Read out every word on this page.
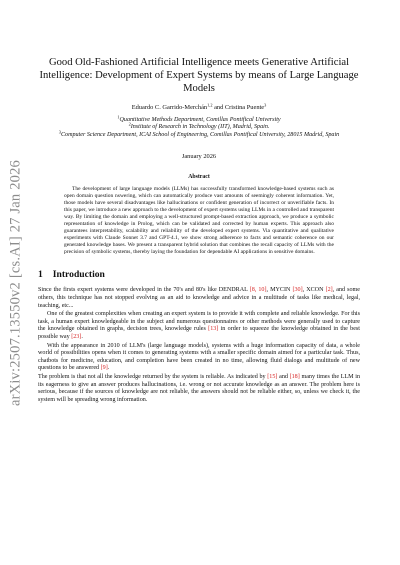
arXiv:2507.13550v2 [cs.AI] 27 Jan 2026
Good Old-Fashioned Artificial Intelligence meets Generative Artificial Intelligence: Development of Expert Systems by means of Large Language Models
Eduardo C. Garrido-Merchán$^{1,2}$ and Cristina Puente$^3$
$^1$Quantitative Methods Department, Comillas Pontifical University
$^2$Institute of Research in Technology (IIT), Madrid, Spain.
$^3$Computer Science Department, ICAI School of Engineering, Comillas Pontifical University, 28015 Madrid, Spain
January 2026
Abstract

The development of large language models (LLMs) has successfully transformed knowledge-based systems such as open domain question nswering, which can automatically produce vast amounts of seemingly coherent information. Yet, those models have several disadvantages like hallucinations or confident generation of incorrect or unverifiable facts. In this paper, we introduce a new approach to the development of expert systems using LLMs in a controlled and transparent way. By limiting the domain and employing a well-structured prompt-based extraction approach, we produce a symbolic representation of knowledge in Prolog, which can be validated and corrected by human experts. This approach also guarantees interpretability, scalability and reliability of the developed expert systems. Via quantitative and qualitative experiments with Claude Sonnet 3.7 and GPT-4.1, we show strong adherence to facts and semantic coherence on our generated knowledge bases. We present a transparent hybrid solution that combines the recall capacity of LLMs with the precision of symbolic systems, thereby laying the foundation for dependable AI applications in sensitive domains.

1 Introduction

Since the firsts expert systems were developed in the 70's and 80's like DENDRAL [8, 10], MYCIN [30], XCON [2], and some others, this technique has not stopped evolving as an aid to knowledge and advice in a multitude of tasks like medical, legal, teaching, etc...

One of the greatest complexities when creating an expert system is to provide it with complete and reliable knowledge. For this task, a human expert knowledgeable in the subject and numerous questionnaires or other methods were generally used to capture the knowledge obtained in graphs, decision trees, knowledge rules [13] in order to squeeze the knowledge obtained in the best possible way [23].

With the appearance in 2010 of LLM's (large language models), systems with a huge information capacity of data, a whole world of possibilities opens when it comes to generating systems with a smaller specific domain aimed for a particular task. Thus, chatbots for medicine, education, and completion have been created in no time, allowing fluid dialogs and multitude of new questions to be answered [9].

The problem is that not all the knowledge returned by the system is reliable. As indicated by [15] and [18] many times the LLM in its eagerness to give an answer produces hallucinations, i.e. wrong or not accurate knowledge as an answer. The problem here is serious, because if the sources of knowledge are not reliable, the answers should not be reliable either, so, unless we check it, the system will be spreading wrong information.
